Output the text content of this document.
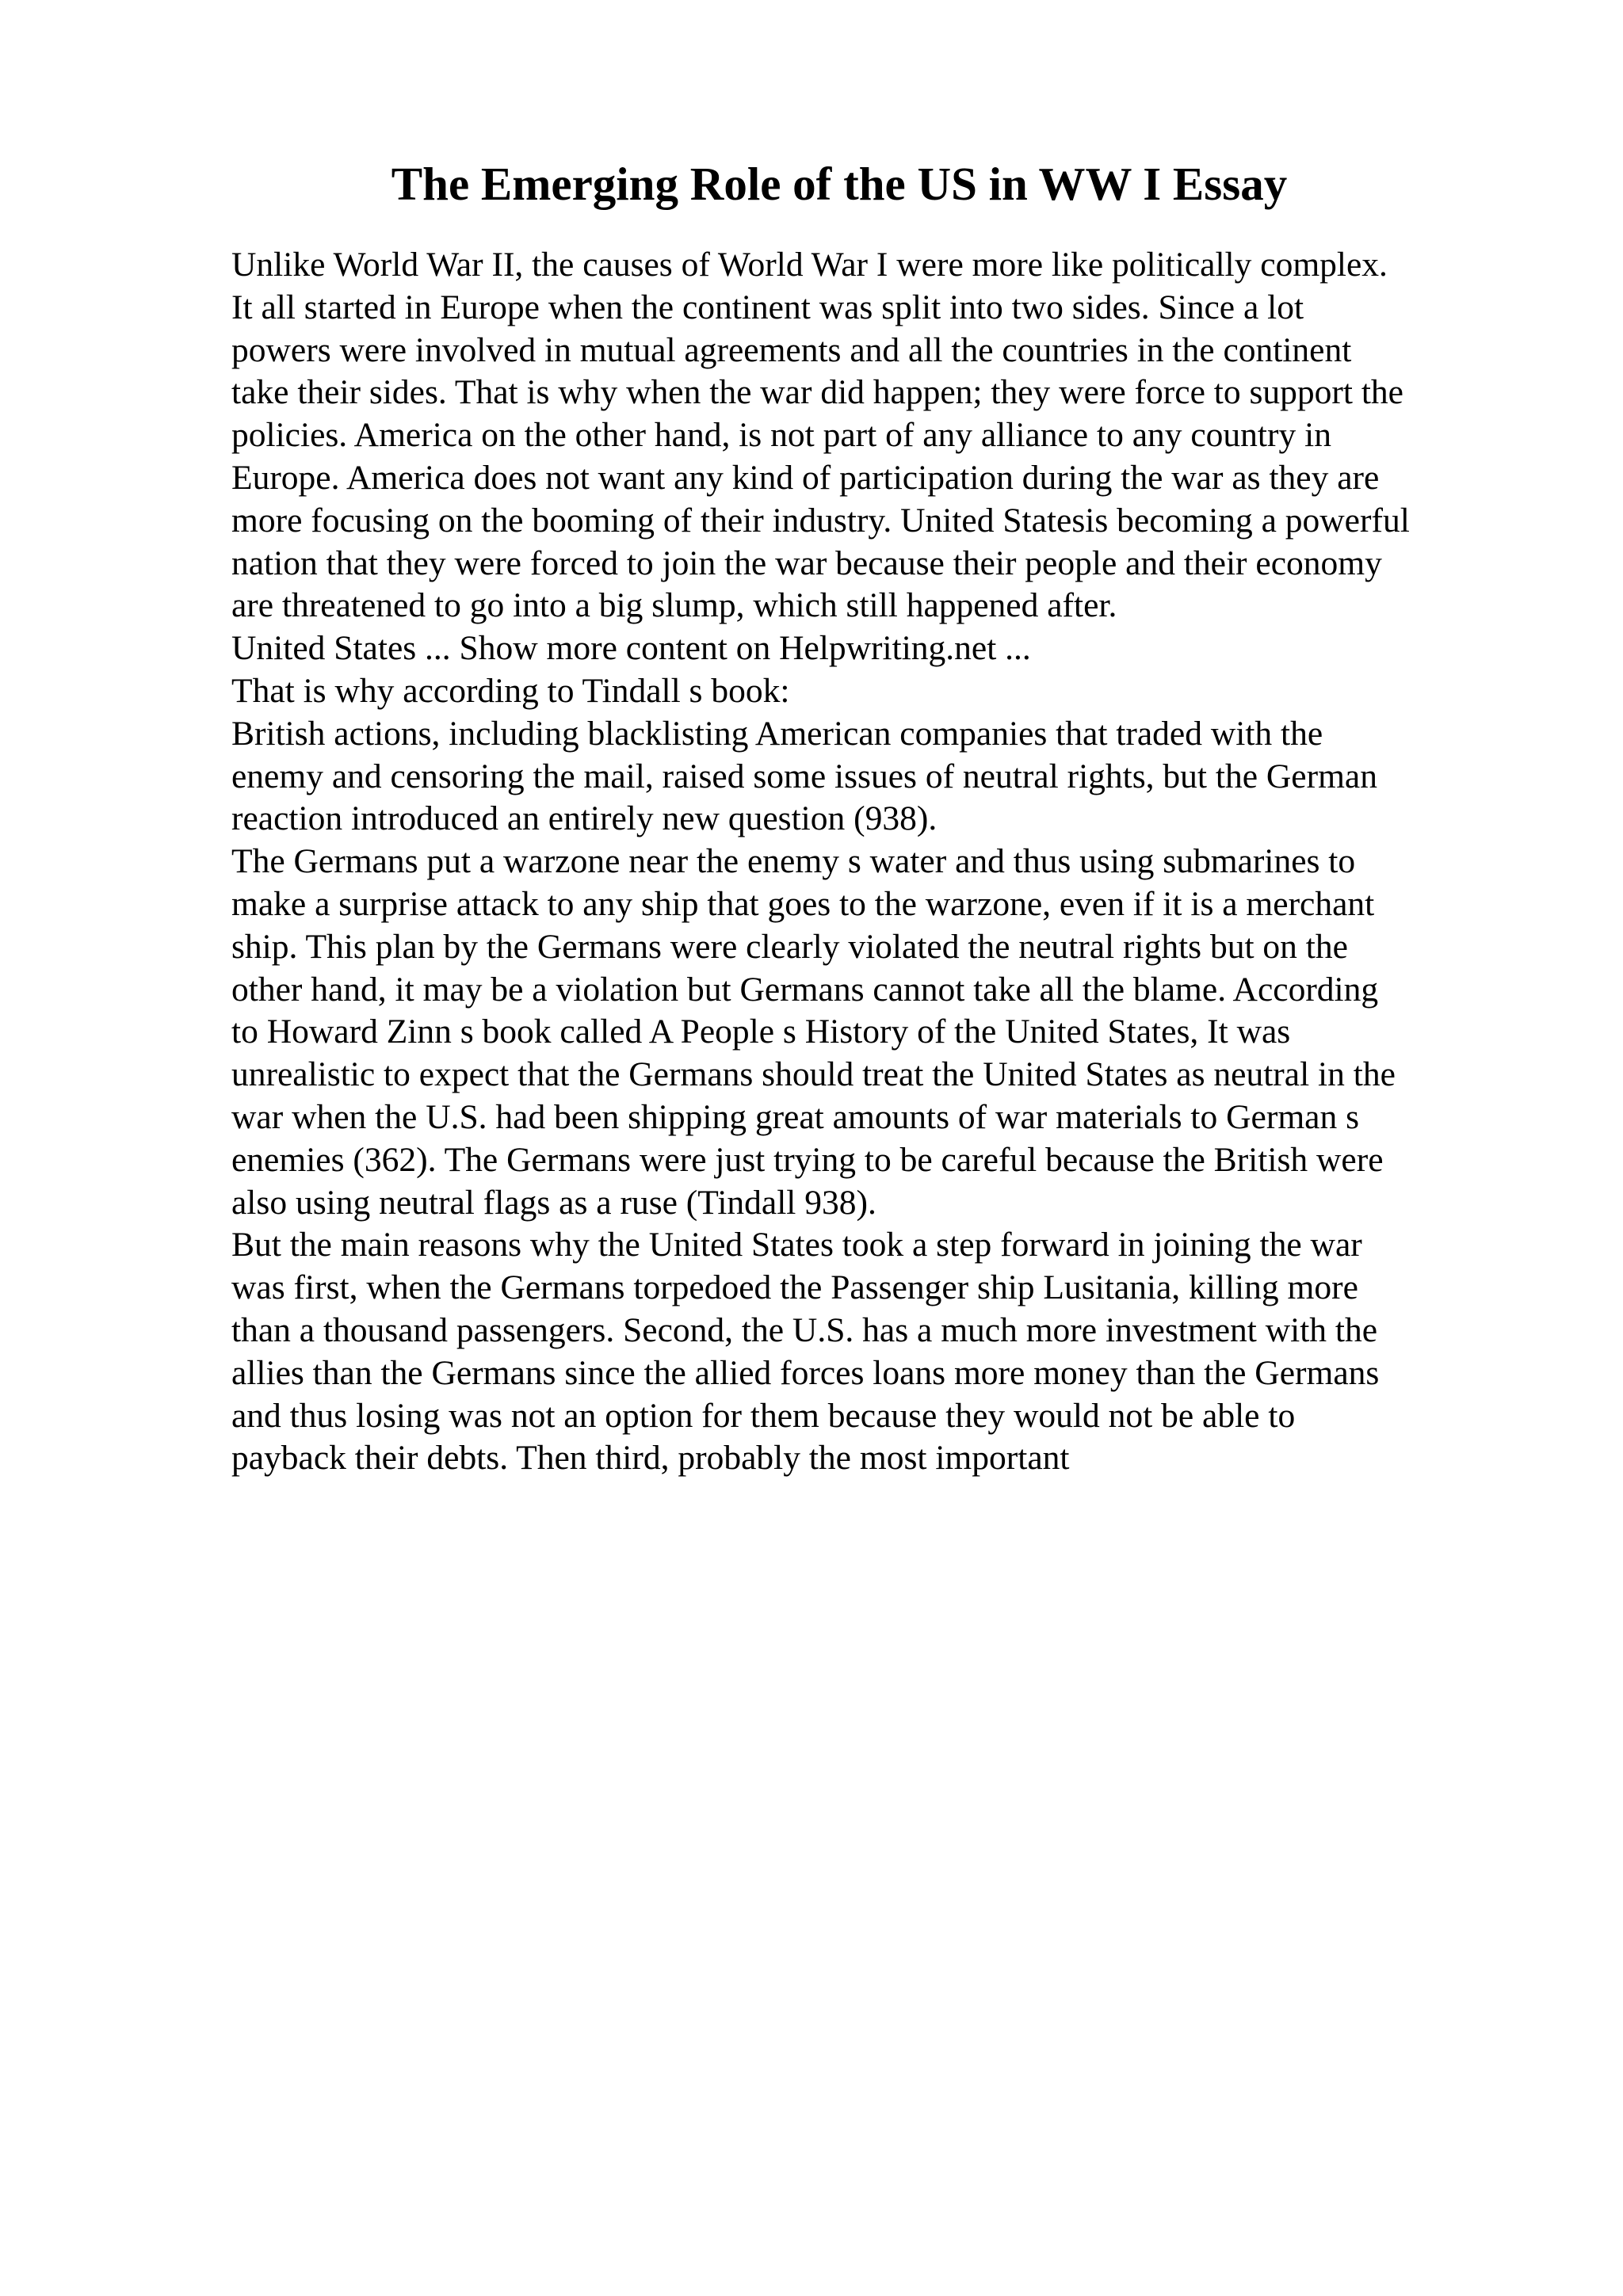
The Emerging Role of the US in WW I Essay
Unlike World War II, the causes of World War I were more like politically complex.
It all started in Europe when the continent was split into two sides. Since a lot
powers were involved in mutual agreements and all the countries in the continent
take their sides. That is why when the war did happen; they were force to support the
policies. America on the other hand, is not part of any alliance to any country in
Europe. America does not want any kind of participation during the war as they are
more focusing on the booming of their industry. United Statesis becoming a powerful
nation that they were forced to join the war because their people and their economy
are threatened to go into a big slump, which still happened after.
United States ... Show more content on Helpwriting.net ...
That is why according to Tindall s book:
British actions, including blacklisting American companies that traded with the
enemy and censoring the mail, raised some issues of neutral rights, but the German
reaction introduced an entirely new question (938).
The Germans put a warzone near the enemy s water and thus using submarines to
make a surprise attack to any ship that goes to the warzone, even if it is a merchant
ship. This plan by the Germans were clearly violated the neutral rights but on the
other hand, it may be a violation but Germans cannot take all the blame. According
to Howard Zinn s book called A People s History of the United States, It was
unrealistic to expect that the Germans should treat the United States as neutral in the
war when the U.S. had been shipping great amounts of war materials to German s
enemies (362). The Germans were just trying to be careful because the British were
also using neutral flags as a ruse (Tindall 938).
But the main reasons why the United States took a step forward in joining the war
was first, when the Germans torpedoed the Passenger ship Lusitania, killing more
than a thousand passengers. Second, the U.S. has a much more investment with the
allies than the Germans since the allied forces loans more money than the Germans
and thus losing was not an option for them because they would not be able to
payback their debts. Then third, probably the most important
